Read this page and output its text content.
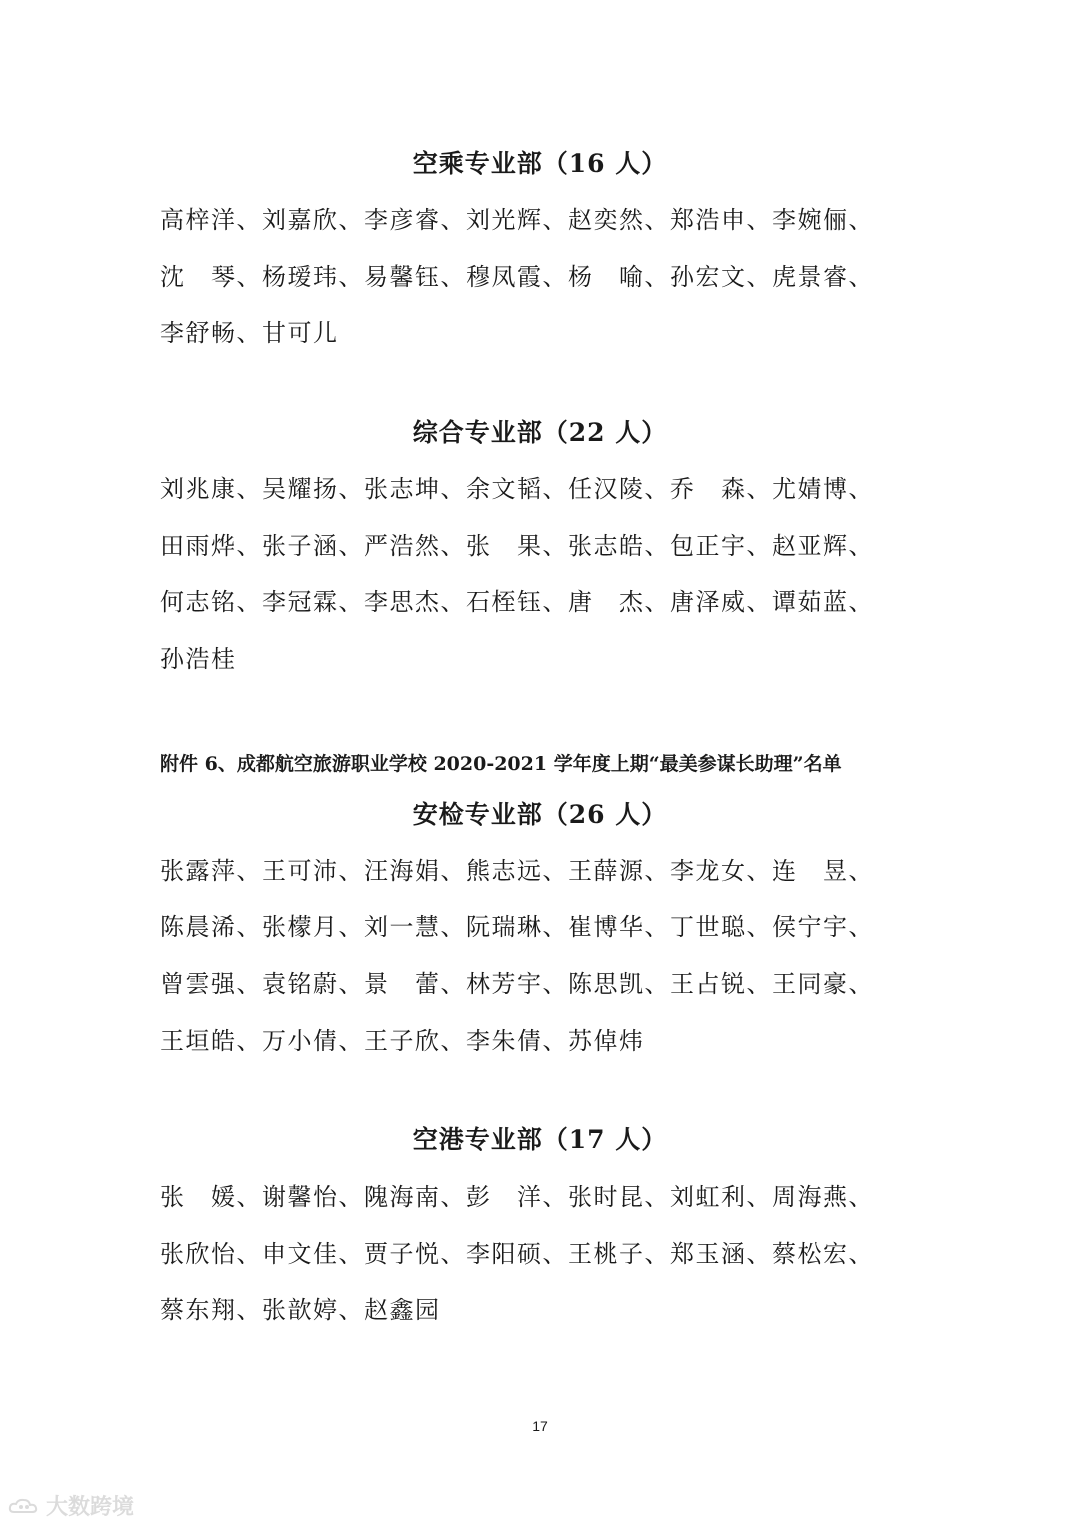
空乘专业部（16 人）

高梓洋、刘嘉欣、李彦睿、刘光辉、赵奕然、郑浩申、李婉俪、

沈　琴、杨瑷玮、易馨钰、穆凤霞、杨　喻、孙宏文、虎景睿、

李舒畅、甘可儿

综合专业部（22 人）

刘兆康、吴耀扬、张志坤、余文韬、任汉陵、乔　森、尤婧博、

田雨烨、张子涵、严浩然、张　果、张志皓、包正宇、赵亚辉、

何志铭、李冠霖、李思杰、石桎钰、唐　杰、唐泽威、谭茹蓝、

孙浩桂

附件 6、成都航空旅游职业学校 2020-2021 学年度上期“最美参谋长助理”名单

安检专业部（26 人）

张露萍、王可沛、汪海娟、熊志远、王薛源、李龙女、连　昱、

陈晨浠、张檬月、刘一慧、阮瑞琳、崔博华、丁世聪、侯宁宇、

曾雲强、袁铭蔚、景　蕾、林芳宇、陈思凯、王占锐、王同豪、

王垣皓、万小倩、王子欣、李朱倩、苏倬炜

空港专业部（17 人）

张　媛、谢馨怡、隗海南、彭　洋、张时昆、刘虹利、周海燕、

张欣怡、申文佳、贾子悦、李阳硕、王桃子、郑玉涵、蔡松宏、

蔡东翔、张歆婷、赵鑫园

17
大数跨境
